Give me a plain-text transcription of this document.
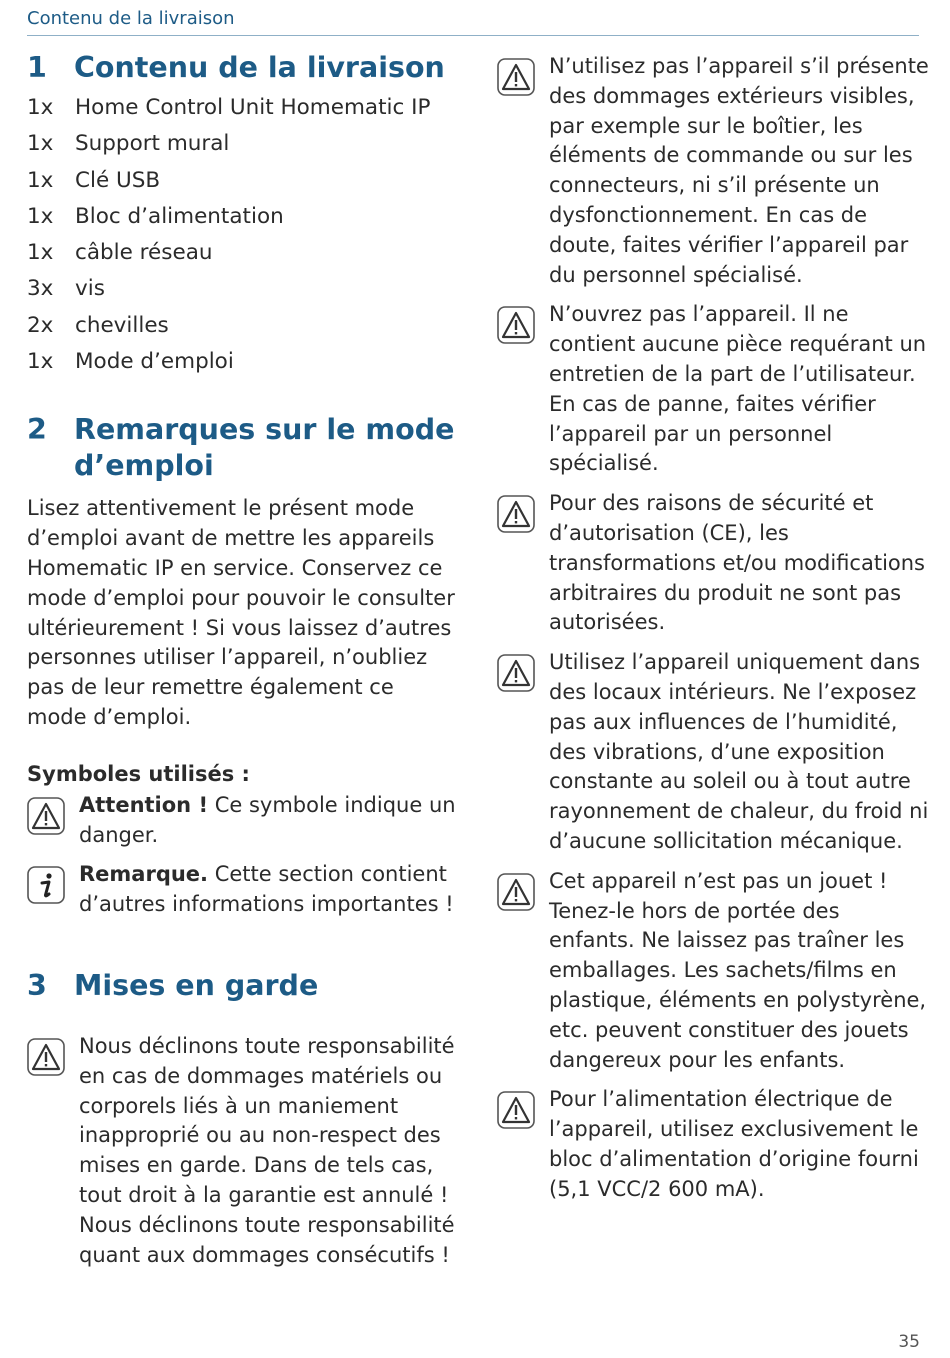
Contenu de la livraison
1 Contenu de la livraison
1x	Home Control Unit Homematic IP
1x	Support mural
1x	Clé USB
1x	Bloc d’alimentation
1x	câble réseau
3x	vis
2x	chevilles
1x	Mode d’emploi
2 Remarques sur le mode
d’emploi

Lisez attentivement le présent mode d’emploi avant de mettre les appareils Homematic IP en service. Conservez ce mode d’emploi pour pouvoir le consulter ultérieurement ! Si vous laissez d’autres personnes utiliser l’appareil, n’oubliez pas de leur remettre également ce mode d’emploi.

Symboles utilisés :

Attention ! Ce symbole indique un danger.
Remarque. Cette section contient d’autres informations importantes !
3 Mises en garde
Nous déclinons toute responsabilité en cas de dommages matériels ou corporels liés à un maniement inapproprié ou au non-respect des mises en garde. Dans de tels cas, tout droit à la garantie est annulé ! Nous déclinons toute responsabilité quant aux dommages consécutifs !
N’utilisez pas l’appareil s’il présente des dommages extérieurs visibles, par exemple sur le boîtier, les éléments de commande ou sur les connecteurs, ni s’il présente un dysfonctionnement. En cas de doute, faites vérifier l’appareil par du personnel spécialisé.
N’ouvrez pas l’appareil. Il ne contient aucune pièce requérant un entretien de la part de l’utilisateur. En cas de panne, faites vérifier l’appareil par un personnel spécialisé.
Pour des raisons de sécurité et d’autorisation (CE), les transformations et/ou modifications arbitraires du produit ne sont pas autorisées.
Utilisez l’appareil uniquement dans des locaux intérieurs. Ne l’exposez pas aux influences de l’humidité, des vibrations, d’une exposition constante au soleil ou à tout autre rayonnement de chaleur, du froid ni d’aucune sollicitation mécanique.
Cet appareil n’est pas un jouet ! Tenez-le hors de portée des enfants. Ne laissez pas traîner les emballages. Les sachets/films en plastique, éléments en polystyrène, etc. peuvent constituer des jouets dangereux pour les enfants.
Pour l’alimentation électrique de l’appareil, utilisez exclusivement le bloc d’alimentation d’origine fourni (5,1 VCC/2 600 mA).
35
